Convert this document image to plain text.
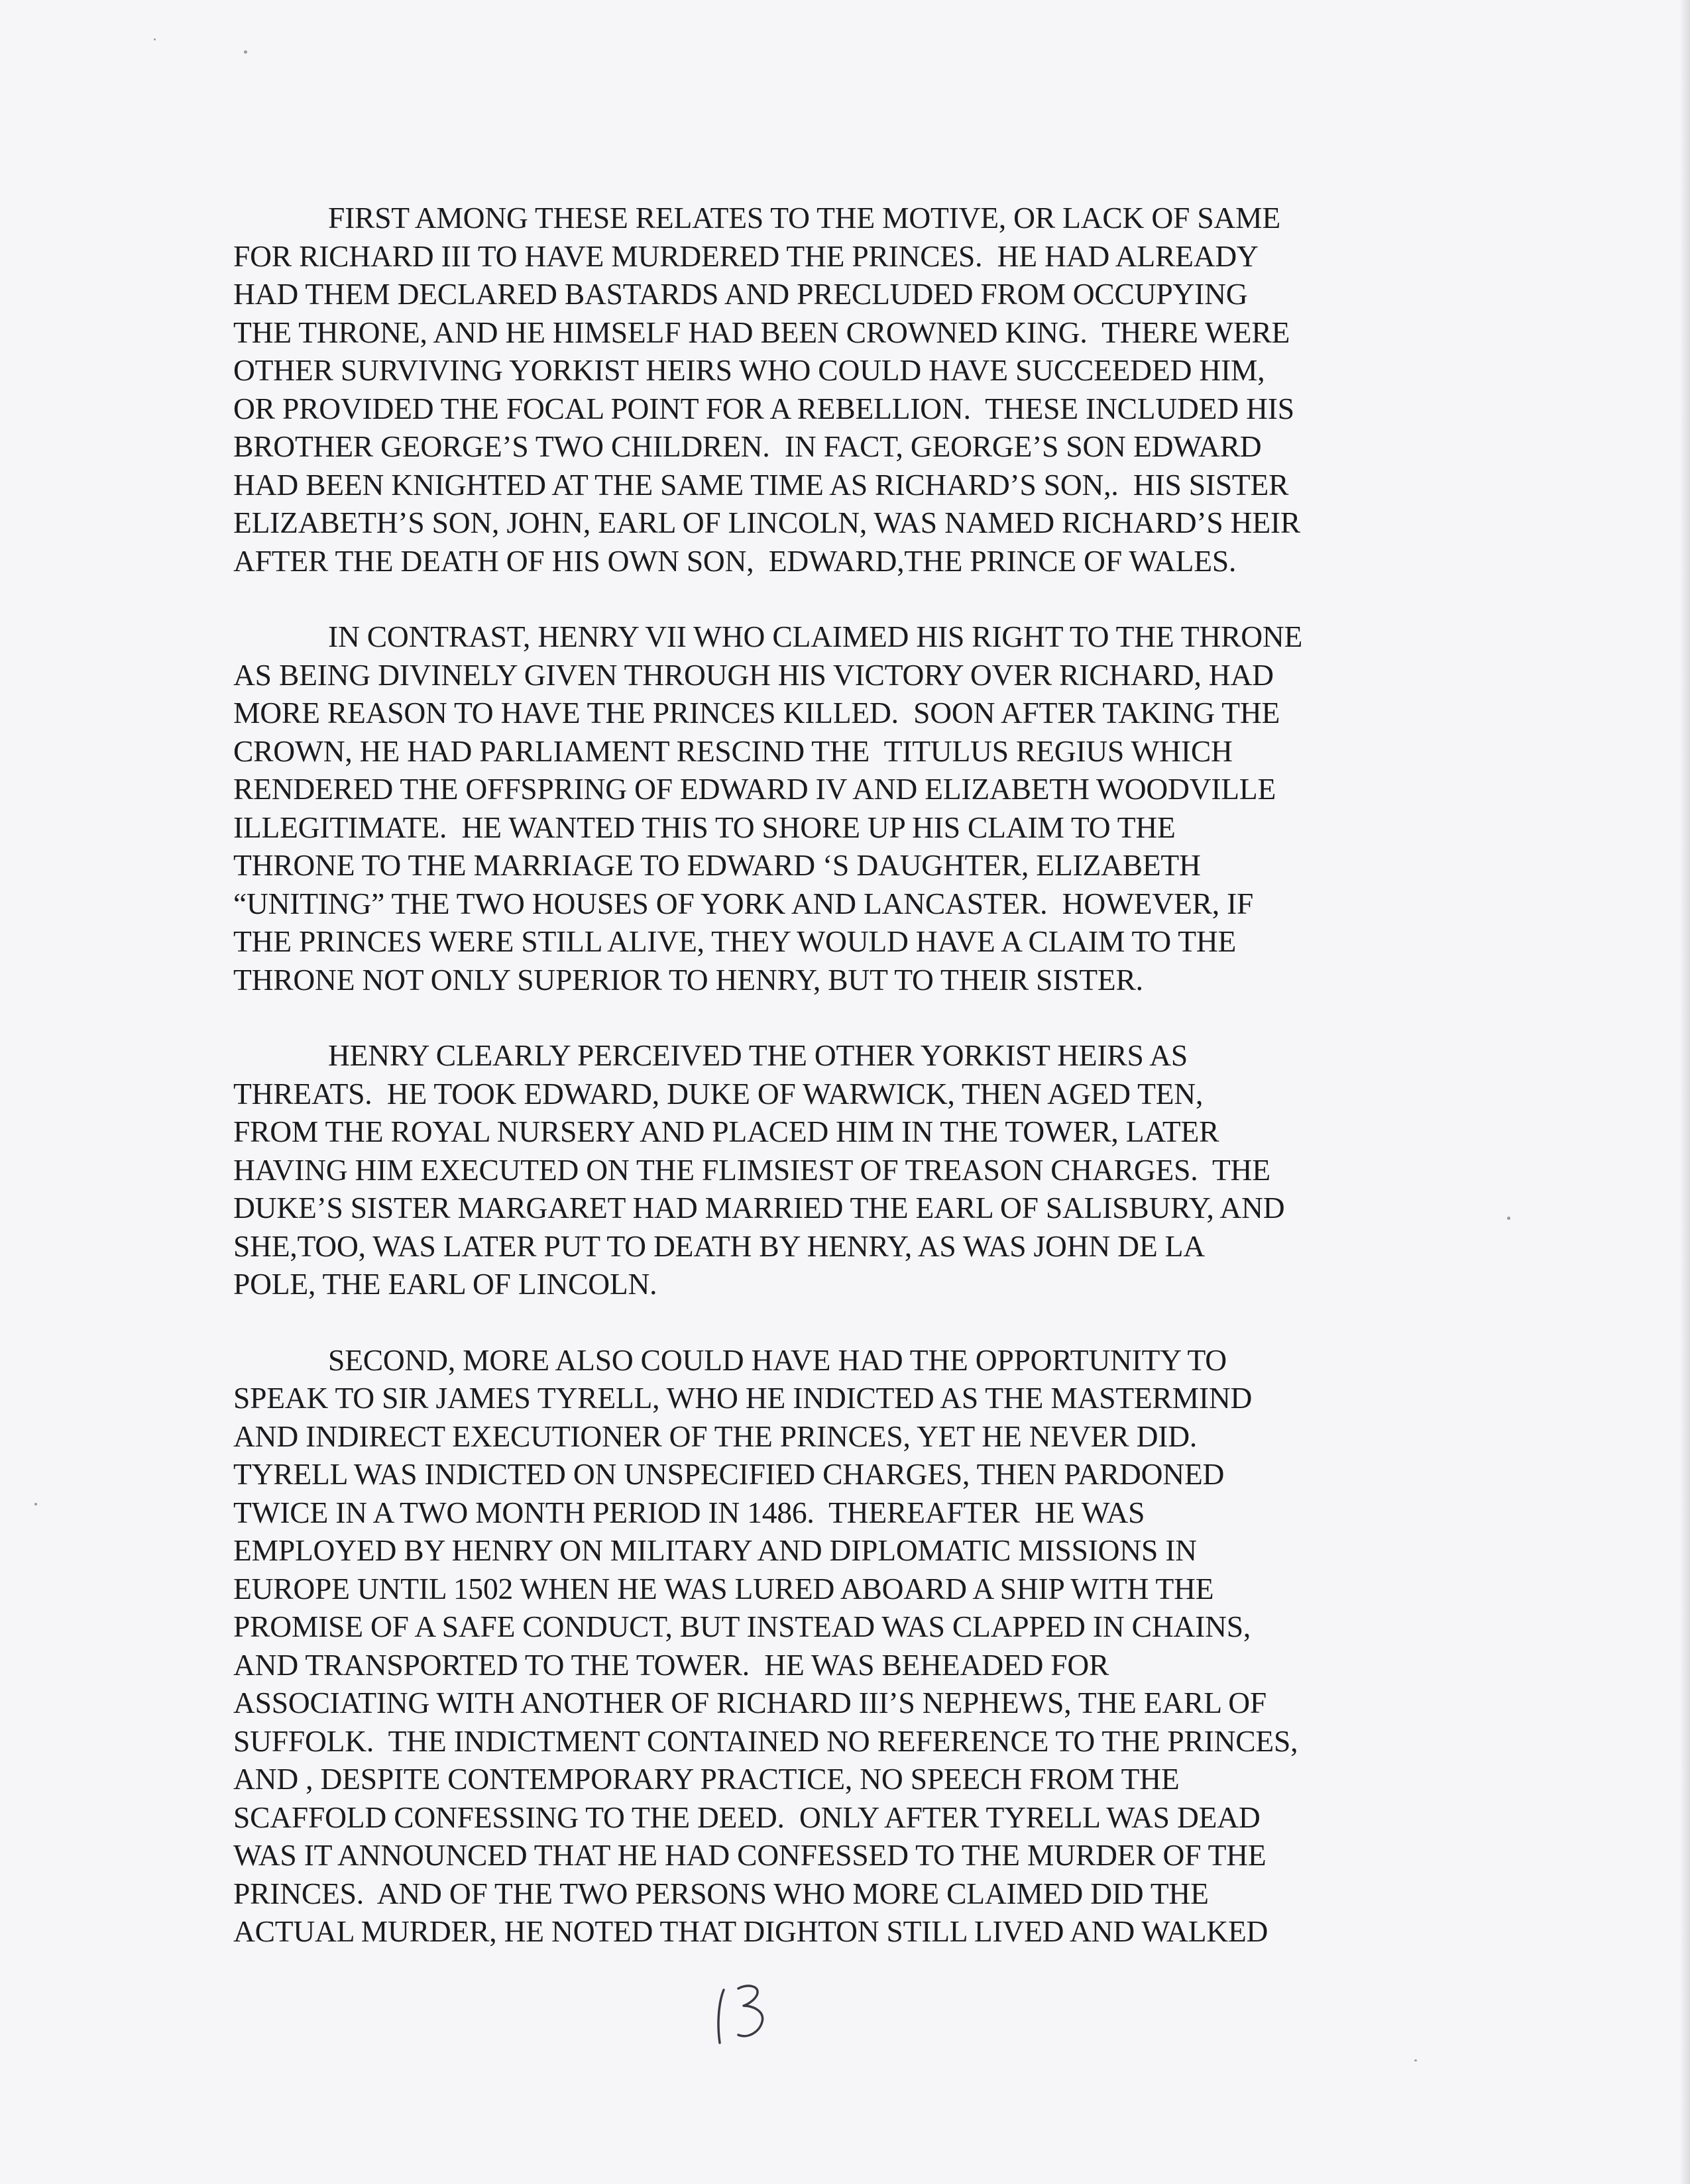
FIRST AMONG THESE RELATES TO THE MOTIVE, OR LACK OF SAME
FOR RICHARD III TO HAVE MURDERED THE PRINCES.  HE HAD ALREADY
HAD THEM DECLARED BASTARDS AND PRECLUDED FROM OCCUPYING
THE THRONE, AND HE HIMSELF HAD BEEN CROWNED KING.  THERE WERE
OTHER SURVIVING YORKIST HEIRS WHO COULD HAVE SUCCEEDED HIM,
OR PROVIDED THE FOCAL POINT FOR A REBELLION.  THESE INCLUDED HIS
BROTHER GEORGE’S TWO CHILDREN.  IN FACT, GEORGE’S SON EDWARD
HAD BEEN KNIGHTED AT THE SAME TIME AS RICHARD’S SON,.  HIS SISTER
ELIZABETH’S SON, JOHN, EARL OF LINCOLN, WAS NAMED RICHARD’S HEIR
AFTER THE DEATH OF HIS OWN SON,  EDWARD,THE PRINCE OF WALES.
IN CONTRAST, HENRY VII WHO CLAIMED HIS RIGHT TO THE THRONE
AS BEING DIVINELY GIVEN THROUGH HIS VICTORY OVER RICHARD, HAD
MORE REASON TO HAVE THE PRINCES KILLED.  SOON AFTER TAKING THE
CROWN, HE HAD PARLIAMENT RESCIND THE  TITULUS REGIUS WHICH
RENDERED THE OFFSPRING OF EDWARD IV AND ELIZABETH WOODVILLE
ILLEGITIMATE.  HE WANTED THIS TO SHORE UP HIS CLAIM TO THE
THRONE TO THE MARRIAGE TO EDWARD ‘S DAUGHTER, ELIZABETH
“UNITING” THE TWO HOUSES OF YORK AND LANCASTER.  HOWEVER, IF
THE PRINCES WERE STILL ALIVE, THEY WOULD HAVE A CLAIM TO THE
THRONE NOT ONLY SUPERIOR TO HENRY, BUT TO THEIR SISTER.
HENRY CLEARLY PERCEIVED THE OTHER YORKIST HEIRS AS
THREATS.  HE TOOK EDWARD, DUKE OF WARWICK, THEN AGED TEN,
FROM THE ROYAL NURSERY AND PLACED HIM IN THE TOWER, LATER
HAVING HIM EXECUTED ON THE FLIMSIEST OF TREASON CHARGES.  THE
DUKE’S SISTER MARGARET HAD MARRIED THE EARL OF SALISBURY, AND
SHE,TOO, WAS LATER PUT TO DEATH BY HENRY, AS WAS JOHN DE LA
POLE, THE EARL OF LINCOLN.
SECOND, MORE ALSO COULD HAVE HAD THE OPPORTUNITY TO
SPEAK TO SIR JAMES TYRELL, WHO HE INDICTED AS THE MASTERMIND
AND INDIRECT EXECUTIONER OF THE PRINCES, YET HE NEVER DID.
TYRELL WAS INDICTED ON UNSPECIFIED CHARGES, THEN PARDONED
TWICE IN A TWO MONTH PERIOD IN 1486.  THEREAFTER  HE WAS
EMPLOYED BY HENRY ON MILITARY AND DIPLOMATIC MISSIONS IN
EUROPE UNTIL 1502 WHEN HE WAS LURED ABOARD A SHIP WITH THE
PROMISE OF A SAFE CONDUCT, BUT INSTEAD WAS CLAPPED IN CHAINS,
AND TRANSPORTED TO THE TOWER.  HE WAS BEHEADED FOR
ASSOCIATING WITH ANOTHER OF RICHARD III’S NEPHEWS, THE EARL OF
SUFFOLK.  THE INDICTMENT CONTAINED NO REFERENCE TO THE PRINCES,
AND , DESPITE CONTEMPORARY PRACTICE, NO SPEECH FROM THE
SCAFFOLD CONFESSING TO THE DEED.  ONLY AFTER TYRELL WAS DEAD
WAS IT ANNOUNCED THAT HE HAD CONFESSED TO THE MURDER OF THE
PRINCES.  AND OF THE TWO PERSONS WHO MORE CLAIMED DID THE
ACTUAL MURDER, HE NOTED THAT DIGHTON STILL LIVED AND WALKED
